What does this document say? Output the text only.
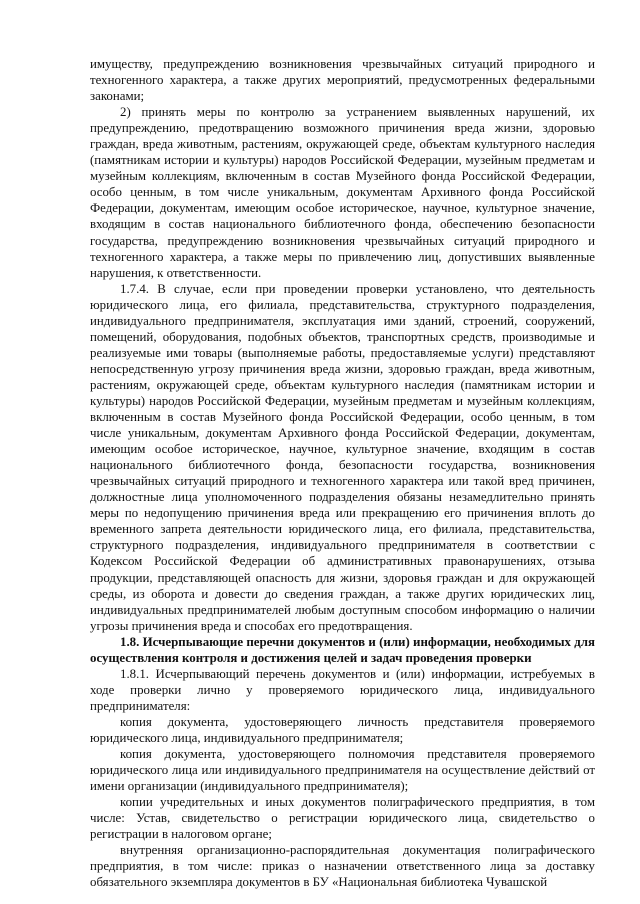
имуществу, предупреждению возникновения чрезвычайных ситуаций природного и техногенного характера, а также других мероприятий, предусмотренных федеральными законами;

2) принять меры по контролю за устранением выявленных нарушений, их предупреждению, предотвращению возможного причинения вреда жизни, здоровью граждан, вреда животным, растениям, окружающей среде, объектам культурного наследия (памятникам истории и культуры) народов Российской Федерации, музейным предметам и музейным коллекциям, включенным в состав Музейного фонда Российской Федерации, особо ценным, в том числе уникальным, документам Архивного фонда Российской Федерации, документам, имеющим особое историческое, научное, культурное значение, входящим в состав национального библиотечного фонда, обеспечению безопасности государства, предупреждению возникновения чрезвычайных ситуаций природного и техногенного характера, а также меры по привлечению лиц, допустивших выявленные нарушения, к ответственности.

1.7.4. В случае, если при проведении проверки установлено, что деятельность юридического лица, его филиала, представительства, структурного подразделения, индивидуального предпринимателя, эксплуатация ими зданий, строений, сооружений, помещений, оборудования, подобных объектов, транспортных средств, производимые и реализуемые ими товары (выполняемые работы, предоставляемые услуги) представляют непосредственную угрозу причинения вреда жизни, здоровью граждан, вреда животным, растениям, окружающей среде, объектам культурного наследия (памятникам истории и культуры) народов Российской Федерации, музейным предметам и музейным коллекциям, включенным в состав Музейного фонда Российской Федерации, особо ценным, в том числе уникальным, документам Архивного фонда Российской Федерации, документам, имеющим особое историческое, научное, культурное значение, входящим в состав национального библиотечного фонда, безопасности государства, возникновения чрезвычайных ситуаций природного и техногенного характера или такой вред причинен, должностные лица уполномоченного подразделения обязаны незамедлительно принять меры по недопущению причинения вреда или прекращению его причинения вплоть до временного запрета деятельности юридического лица, его филиала, представительства, структурного подразделения, индивидуального предпринимателя в соответствии с Кодексом Российской Федерации об административных правонарушениях, отзыва продукции, представляющей опасность для жизни, здоровья граждан и для окружающей среды, из оборота и довести до сведения граждан, а также других юридических лиц, индивидуальных предпринимателей любым доступным способом информацию о наличии угрозы причинения вреда и способах его предотвращения.

1.8. Исчерпывающие перечни документов и (или) информации, необходимых для осуществления контроля и достижения целей и задач проведения проверки

1.8.1. Исчерпывающий перечень документов и (или) информации, истребуемых в ходе проверки лично у проверяемого юридического лица, индивидуального предпринимателя:

копия документа, удостоверяющего личность представителя проверяемого юридического лица, индивидуального предпринимателя;

копия документа, удостоверяющего полномочия представителя проверяемого юридического лица или индивидуального предпринимателя на осуществление действий от имени организации (индивидуального предпринимателя);

копии учредительных и иных документов полиграфического предприятия, в том числе: Устав, свидетельство о регистрации юридического лица, свидетельство о регистрации в налоговом органе;

внутренняя организационно-распорядительная документация полиграфического предприятия, в том числе: приказ о назначении ответственного лица за доставку обязательного экземпляра документов в БУ «Национальная библиотека Чувашской
